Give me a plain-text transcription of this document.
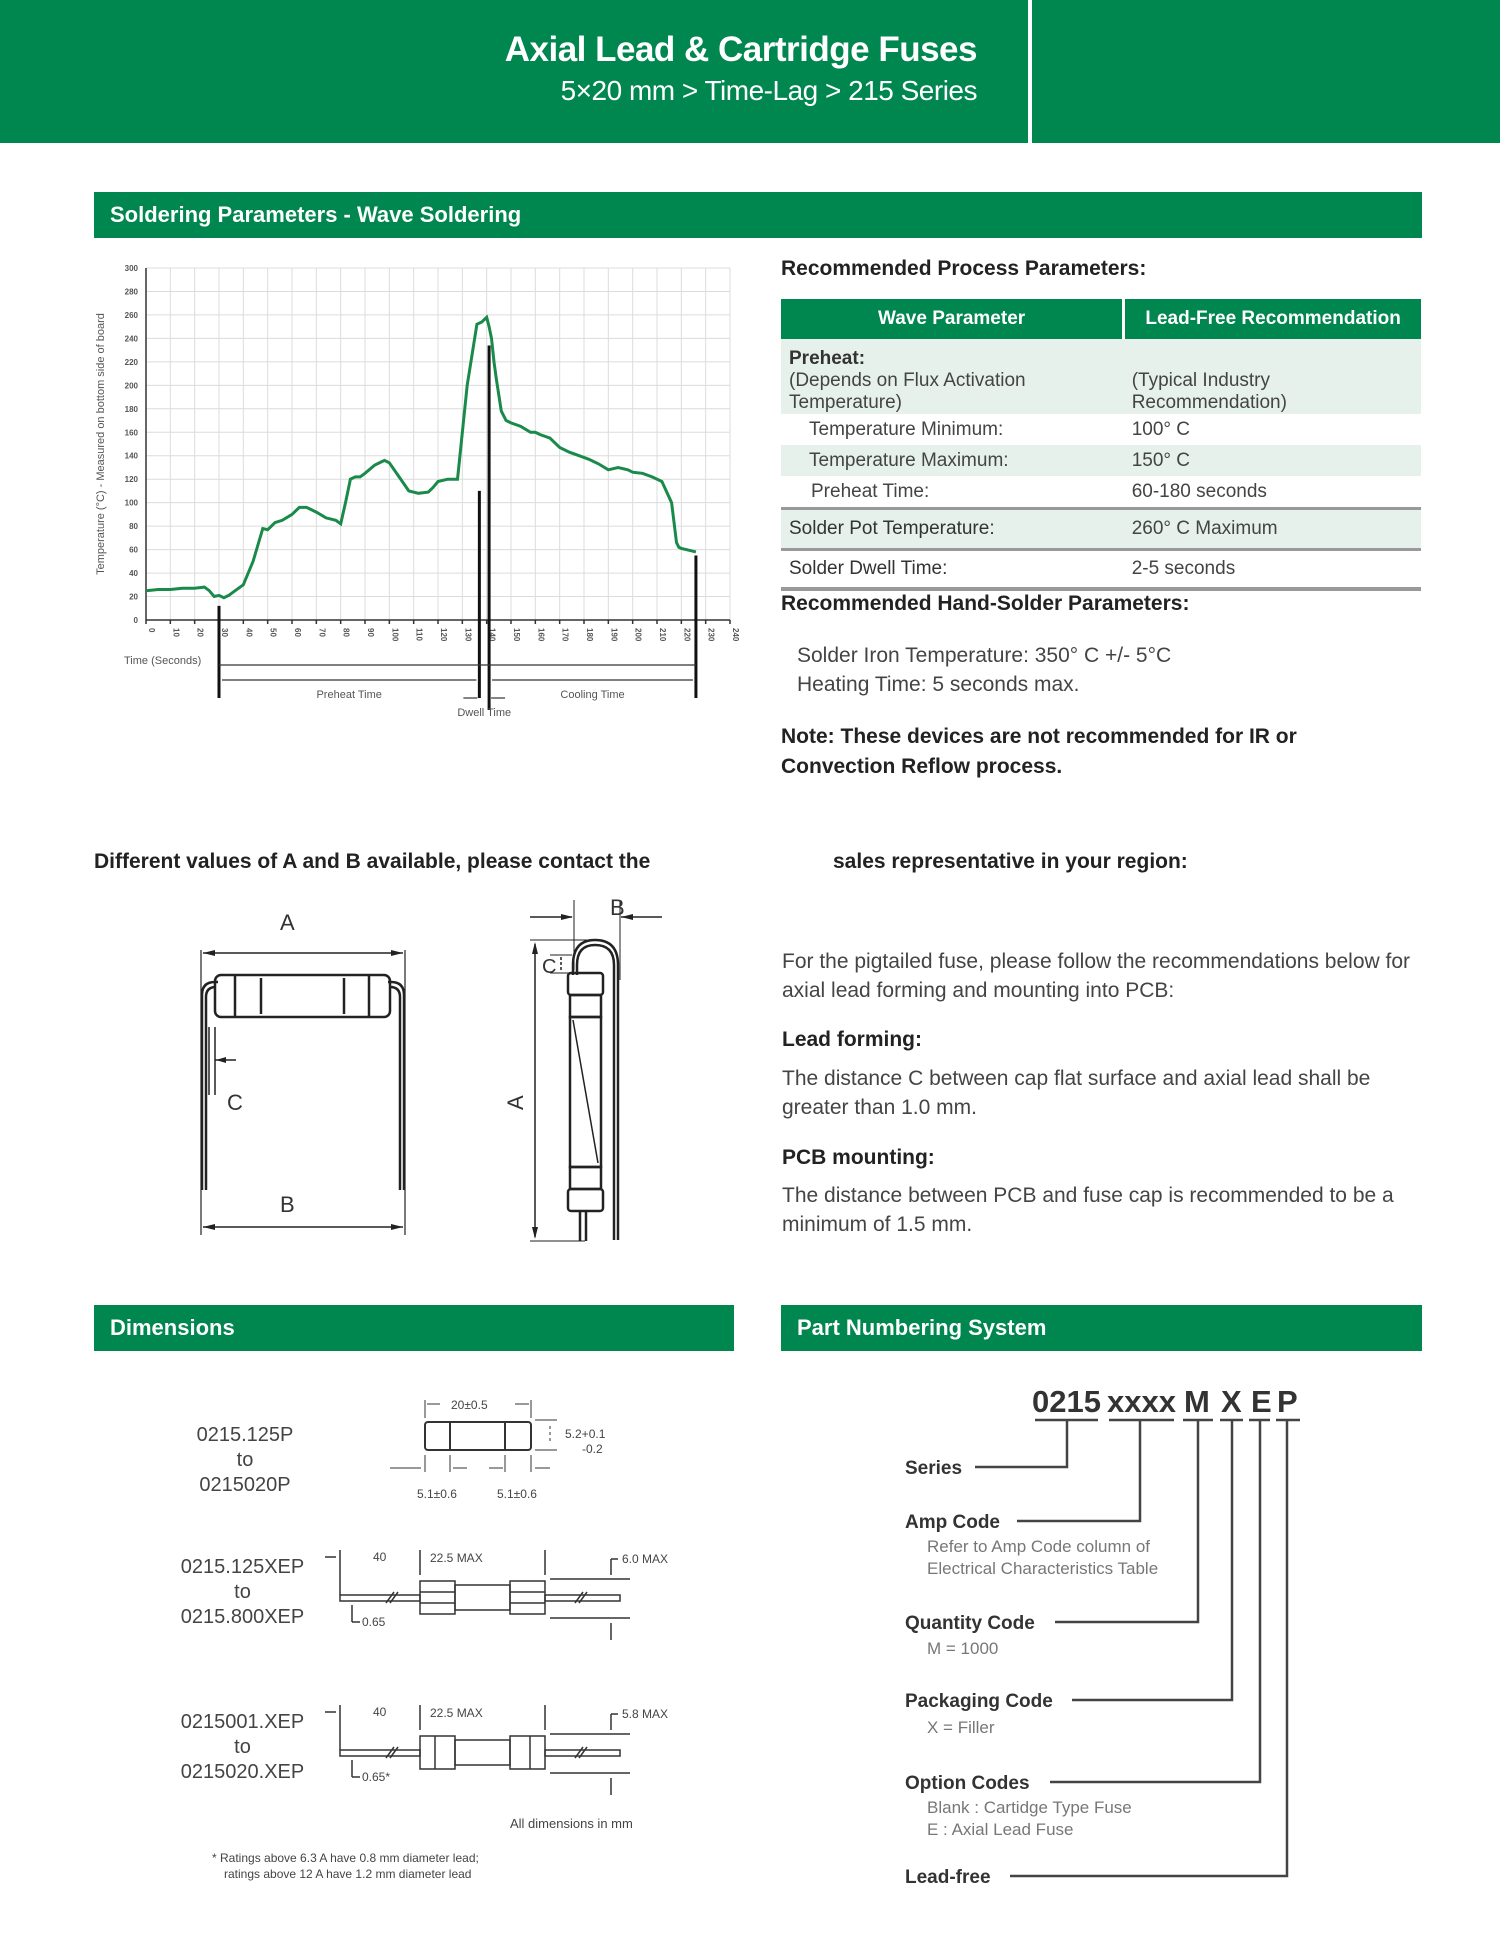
Axial Lead & Cartridge Fuses
5×20 mm > Time-Lag > 215 Series
Soldering Parameters - Wave Soldering
0 10 20 30 40 50 60 70 80 90 100 110 120 130 140 150 160 170 180 190 200 210 220 230 240
0
20
40
60
80
100
120
140
160
180
200
220
240
260
280
300
Temperature (°C) - Measured on bottom side of board
Time (Seconds)
Preheat Time
Dwell Time
Cooling Time
Recommended Process Parameters:
Wave Parameter	Lead-Free Recommendation
Preheat:	
(Depends on Flux Activation Temperature)	(Typical Industry Recommendation)
Temperature Minimum:	100° C
Temperature Maximum:	150° C
Preheat Time:	60-180 seconds
Solder Pot Temperature:	260° C Maximum
Solder Dwell Time:	2-5 seconds
Recommended Hand-Solder Parameters:
Solder Iron Temperature: 350° C +/- 5°C
Heating Time: 5 seconds max.
Note: These devices are not recommended for IR or
Convection Reflow process.
Different values of A and B available, please contact the	sales representative in your region:
A
B
C
B
C
A
For the pigtailed fuse, please follow the recommendations below for axial lead forming and mounting into PCB:
Lead forming:
The distance C between cap flat surface and axial lead shall be greater than 1.0 mm.
PCB mounting:
The distance between PCB and fuse cap is recommended to be a minimum of 1.5 mm.
Dimensions
0215.125P
to
0215020P
20±0.5
5.2+0.1
-0.2
5.1±0.6	5.1±0.6
0215.125XEP
to
0215.800XEP
40	22.5 MAX	6.0 MAX
0.65
0215001.XEP
to
0215020.XEP
40	22.5 MAX	5.8 MAX
0.65*
All dimensions in mm
* Ratings above 6.3 A have 0.8 mm diameter lead;
ratings above 12 A have 1.2 mm diameter lead
Part Numbering System
0215 xxxx M X E P
Series
Amp Code
Refer to Amp Code column of
Electrical Characteristics Table
Quantity Code
M = 1000
Packaging Code
X = Filler
Option Codes
Blank : Cartidge Type Fuse
E : Axial Lead Fuse
Lead-free
